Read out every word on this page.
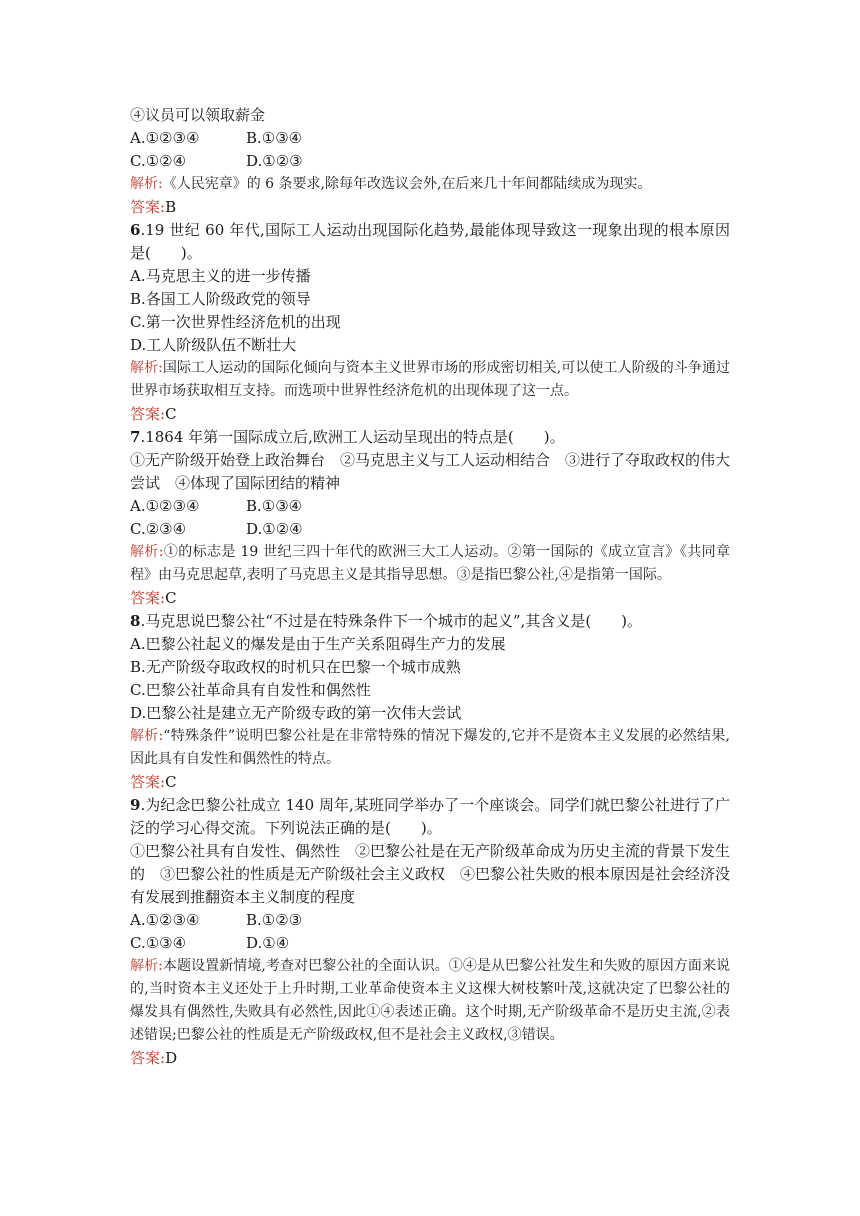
④议员可以领取薪金
A.①②③④	B.①③④
C.①②④	D.①②③
解析:《人民宪章》的 6 条要求,除每年改选议会外,在后来几十年间都陆续成为现实。
答案:B
6.19 世纪 60 年代,国际工人运动出现国际化趋势,最能体现导致这一现象出现的根本原因是(　　)。
A.马克思主义的进一步传播
B.各国工人阶级政党的领导
C.第一次世界性经济危机的出现
D.工人阶级队伍不断壮大
解析:国际工人运动的国际化倾向与资本主义世界市场的形成密切相关,可以使工人阶级的斗争通过世界市场获取相互支持。而选项中世界性经济危机的出现体现了这一点。
答案:C
7.1864 年第一国际成立后,欧洲工人运动呈现出的特点是(　　)。
①无产阶级开始登上政治舞台　②马克思主义与工人运动相结合　③进行了夺取政权的伟大尝试　④体现了国际团结的精神
A.①②③④	B.①③④
C.②③④	D.①②④
解析:①的标志是 19 世纪三四十年代的欧洲三大工人运动。②第一国际的《成立宣言》《共同章程》由马克思起草,表明了马克思主义是其指导思想。③是指巴黎公社,④是指第一国际。
答案:C
8.马克思说巴黎公社“不过是在特殊条件下一个城市的起义”,其含义是(　　)。
A.巴黎公社起义的爆发是由于生产关系阻碍生产力的发展
B.无产阶级夺取政权的时机只在巴黎一个城市成熟
C.巴黎公社革命具有自发性和偶然性
D.巴黎公社是建立无产阶级专政的第一次伟大尝试
解析:“特殊条件”说明巴黎公社是在非常特殊的情况下爆发的,它并不是资本主义发展的必然结果,因此具有自发性和偶然性的特点。
答案:C
9.为纪念巴黎公社成立 140 周年,某班同学举办了一个座谈会。同学们就巴黎公社进行了广泛的学习心得交流。下列说法正确的是(　　)。
①巴黎公社具有自发性、偶然性　②巴黎公社是在无产阶级革命成为历史主流的背景下发生的　③巴黎公社的性质是无产阶级社会主义政权　④巴黎公社失败的根本原因是社会经济没有发展到推翻资本主义制度的程度
A.①②③④	B.①②③
C.①③④	D.①④
解析:本题设置新情境,考查对巴黎公社的全面认识。①④是从巴黎公社发生和失败的原因方面来说的,当时资本主义还处于上升时期,工业革命使资本主义这棵大树枝繁叶茂,这就决定了巴黎公社的爆发具有偶然性,失败具有必然性,因此①④表述正确。这个时期,无产阶级革命不是历史主流,②表述错误;巴黎公社的性质是无产阶级政权,但不是社会主义政权,③错误。
答案:D
